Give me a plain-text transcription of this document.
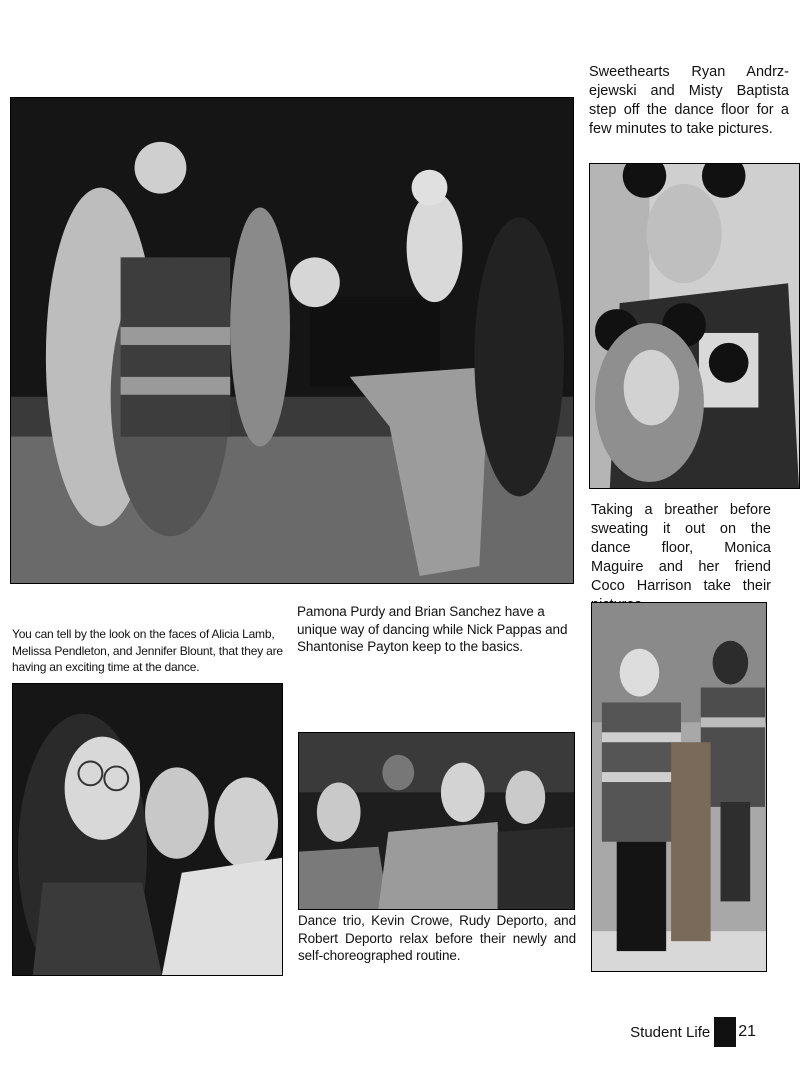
Sweethearts Ryan Andrz-ejewski and Misty Baptista step off the dance floor for a few minutes to take pictures.
Taking a breather before sweating it out on the dance floor, Monica Maguire and her friend Coco Harrison take their
You can tell by the look on the faces of Alicia Lamb, Melissa Pendleton, and Jennifer Blount, that they are having an exciting time at the dance.
Pamona Purdy and Brian Sanchez have a unique way of dancing while Nick Pappas and Shantonise Payton keep to the basics.
Dance trio, Kevin Crowe, Rudy Deporto, and Robert Deporto relax before their newly and self-choreographed routine.
Student Life 21
